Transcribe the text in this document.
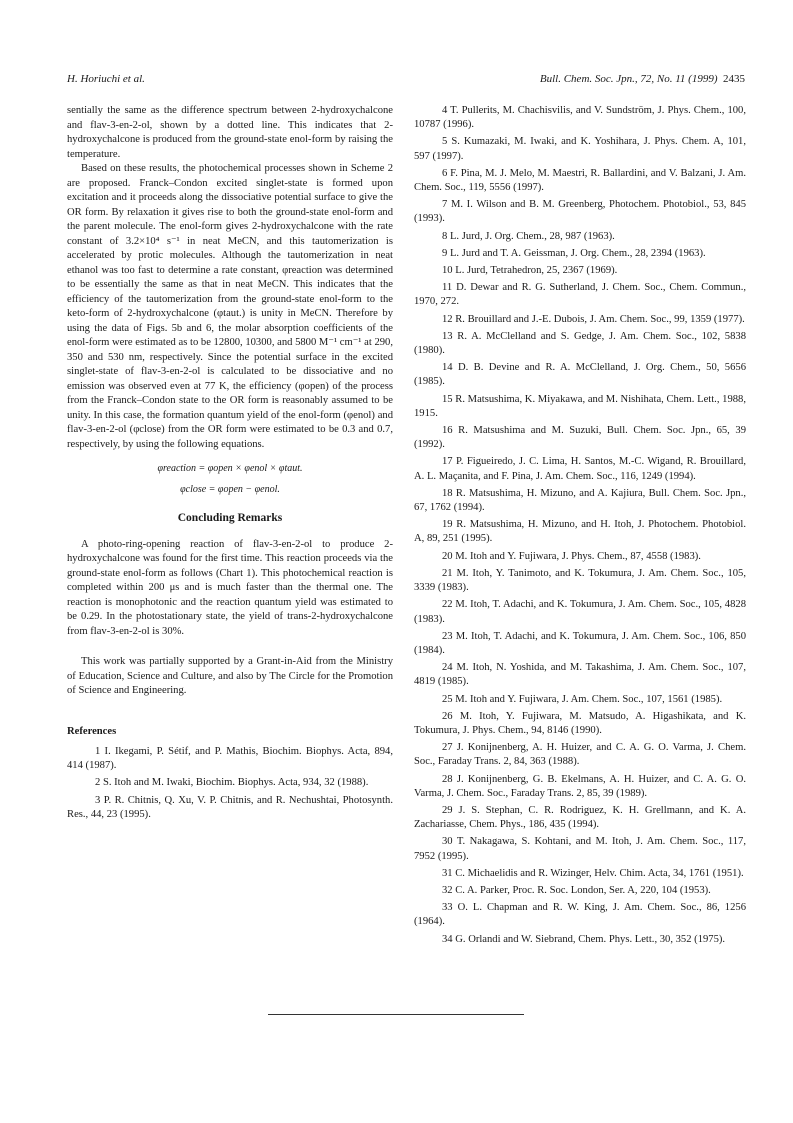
H. Horiuchi et al.	Bull. Chem. Soc. Jpn., 72, No. 11 (1999) 2435

sentially the same as the difference spectrum between 2-hydroxychalcone and flav-3-en-2-ol, shown by a dotted line. This indicates that 2-hydroxychalcone is produced from the ground-state enol-form by raising the temperature.

Based on these results, the photochemical processes shown in Scheme 2 are proposed. Franck–Condon excited singlet-state is formed upon excitation and it proceeds along the dissociative potential surface to give the OR form. By relaxation it gives rise to both the ground-state enol-form and the parent molecule. The enol-form gives 2-hydroxychalcone with the rate constant of 3.2×10⁴ s⁻¹ in neat MeCN, and this tautomerization is accelerated by protic molecules. Although the tautomerization in neat ethanol was too fast to determine a rate constant, φreaction was determined to be essentially the same as that in neat MeCN. This indicates that the efficiency of the tautomerization from the ground-state enol-form to the keto-form of 2-hydroxychalcone (φtaut.) is unity in MeCN. Therefore by using the data of Figs. 5b and 6, the molar absorption coefficients of the enol-form were estimated as to be 12800, 10300, and 5800 M⁻¹ cm⁻¹ at 290, 350 and 530 nm, respectively. Since the potential surface in the excited singlet-state of flav-3-en-2-ol is calculated to be dissociative and no emission was observed even at 77 K, the efficiency (φopen) of the process from the Franck–Condon state to the OR form is reasonably assumed to be unity. In this case, the formation quantum yield of the enol-form (φenol) and flav-3-en-2-ol (φclose) from the OR form were estimated to be 0.3 and 0.7, respectively, by using the following equations.

φreaction = φopen × φenol × φtaut.
φclose = φopen − φenol.
Concluding Remarks

A photo-ring-opening reaction of flav-3-en-2-ol to produce 2-hydroxychalcone was found for the first time. This reaction proceeds via the ground-state enol-form as follows (Chart 1). This photochemical reaction is completed within 200 μs and is much faster than the thermal one. The reaction is monophotonic and the reaction quantum yield was estimated to be 0.29. In the photostationary state, the yield of trans-2-hydroxychalcone from flav-3-en-2-ol is 30%.

This work was partially supported by a Grant-in-Aid from the Ministry of Education, Science and Culture, and also by The Circle for the Promotion of Science and Engineering.

References

1 I. Ikegami, P. Sétif, and P. Mathis, Biochim. Biophys. Acta, 894, 414 (1987).

2 S. Itoh and M. Iwaki, Biochim. Biophys. Acta, 934, 32 (1988).

3 P. R. Chitnis, Q. Xu, V. P. Chitnis, and R. Nechushtai, Photosynth. Res., 44, 23 (1995).

4 T. Pullerits, M. Chachisvilis, and V. Sundström, J. Phys. Chem., 100, 10787 (1996).

5 S. Kumazaki, M. Iwaki, and K. Yoshihara, J. Phys. Chem. A, 101, 597 (1997).

6 F. Pina, M. J. Melo, M. Maestri, R. Ballardini, and V. Balzani, J. Am. Chem. Soc., 119, 5556 (1997).

7 M. I. Wilson and B. M. Greenberg, Photochem. Photobiol., 53, 845 (1993).

8 L. Jurd, J. Org. Chem., 28, 987 (1963).

9 L. Jurd and T. A. Geissman, J. Org. Chem., 28, 2394 (1963).

10 L. Jurd, Tetrahedron, 25, 2367 (1969).

11 D. Dewar and R. G. Sutherland, J. Chem. Soc., Chem. Commun., 1970, 272.

12 R. Brouillard and J.-E. Dubois, J. Am. Chem. Soc., 99, 1359 (1977).

13 R. A. McClelland and S. Gedge, J. Am. Chem. Soc., 102, 5838 (1980).

14 D. B. Devine and R. A. McClelland, J. Org. Chem., 50, 5656 (1985).

15 R. Matsushima, K. Miyakawa, and M. Nishihata, Chem. Lett., 1988, 1915.

16 R. Matsushima and M. Suzuki, Bull. Chem. Soc. Jpn., 65, 39 (1992).

17 P. Figueiredo, J. C. Lima, H. Santos, M.-C. Wigand, R. Brouillard, A. L. Maçanita, and F. Pina, J. Am. Chem. Soc., 116, 1249 (1994).

18 R. Matsushima, H. Mizuno, and A. Kajiura, Bull. Chem. Soc. Jpn., 67, 1762 (1994).

19 R. Matsushima, H. Mizuno, and H. Itoh, J. Photochem. Photobiol. A, 89, 251 (1995).

20 M. Itoh and Y. Fujiwara, J. Phys. Chem., 87, 4558 (1983).

21 M. Itoh, Y. Tanimoto, and K. Tokumura, J. Am. Chem. Soc., 105, 3339 (1983).

22 M. Itoh, T. Adachi, and K. Tokumura, J. Am. Chem. Soc., 105, 4828 (1983).

23 M. Itoh, T. Adachi, and K. Tokumura, J. Am. Chem. Soc., 106, 850 (1984).

24 M. Itoh, N. Yoshida, and M. Takashima, J. Am. Chem. Soc., 107, 4819 (1985).

25 M. Itoh and Y. Fujiwara, J. Am. Chem. Soc., 107, 1561 (1985).

26 M. Itoh, Y. Fujiwara, M. Matsudo, A. Higashikata, and K. Tokumura, J. Phys. Chem., 94, 8146 (1990).

27 J. Konijnenberg, A. H. Huizer, and C. A. G. O. Varma, J. Chem. Soc., Faraday Trans. 2, 84, 363 (1988).

28 J. Konijnenberg, G. B. Ekelmans, A. H. Huizer, and C. A. G. O. Varma, J. Chem. Soc., Faraday Trans. 2, 85, 39 (1989).

29 J. S. Stephan, C. R. Rodriguez, K. H. Grellmann, and K. A. Zachariasse, Chem. Phys., 186, 435 (1994).

30 T. Nakagawa, S. Kohtani, and M. Itoh, J. Am. Chem. Soc., 117, 7952 (1995).

31 C. Michaelidis and R. Wizinger, Helv. Chim. Acta, 34, 1761 (1951).

32 C. A. Parker, Proc. R. Soc. London, Ser. A, 220, 104 (1953).

33 O. L. Chapman and R. W. King, J. Am. Chem. Soc., 86, 1256 (1964).

34 G. Orlandi and W. Siebrand, Chem. Phys. Lett., 30, 352 (1975).
